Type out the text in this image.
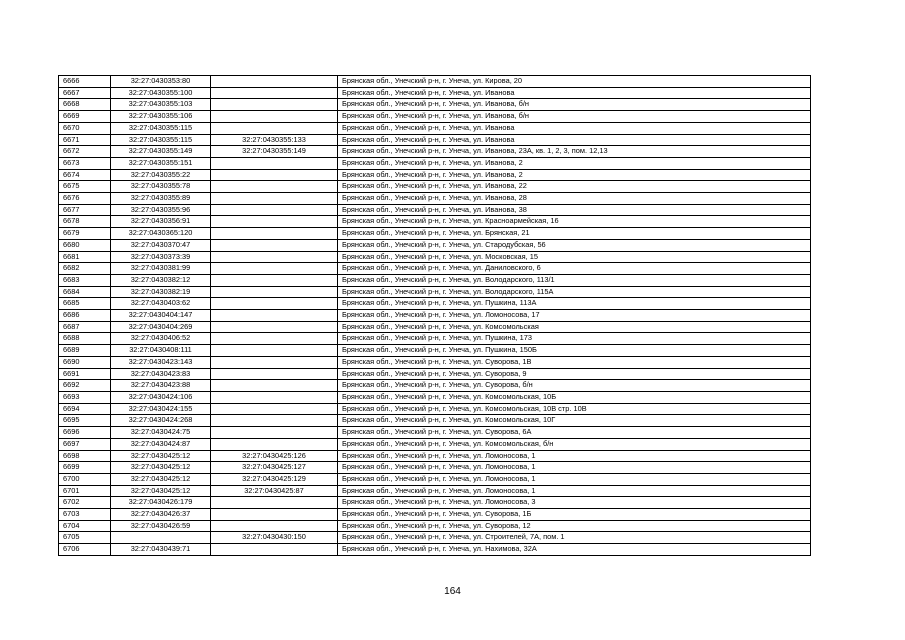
6666	32:27:0430353:80		Брянская обл., Унечский р-н, г. Унеча, ул. Кирова, 20
6667	32:27:0430355:100		Брянская обл., Унечский р-н, г. Унеча, ул. Иванова
6668	32:27:0430355:103		Брянская обл., Унечский р-н, г. Унеча, ул. Иванова, б/н
6669	32:27:0430355:106		Брянская обл., Унечский р-н, г. Унеча, ул. Иванова, б/н
6670	32:27:0430355:115		Брянская обл., Унечский р-н, г. Унеча, ул. Иванова
6671	32:27:0430355:115	32:27:0430355:133	Брянская обл., Унечский р-н, г. Унеча, ул. Иванова
6672	32:27:0430355:149	32:27:0430355:149	Брянская обл., Унечский р-н, г. Унеча, ул. Иванова, 23А, кв. 1, 2, 3, пом. 12,13
6673	32:27:0430355:151		Брянская обл., Унечский р-н, г. Унеча, ул. Иванова, 2
6674	32:27:0430355:22		Брянская обл., Унечский р-н, г. Унеча, ул. Иванова, 2
6675	32:27:0430355:78		Брянская обл., Унечский р-н, г. Унеча, ул. Иванова, 22
6676	32:27:0430355:89		Брянская обл., Унечский р-н, г. Унеча, ул. Иванова, 28
6677	32:27:0430355:96		Брянская обл., Унечский р-н, г. Унеча, ул. Иванова, 38
6678	32:27:0430356:91		Брянская обл., Унечский р-н, г. Унеча, ул. Красноармейская, 16
6679	32:27:0430365:120		Брянская обл., Унечский р-н, г. Унеча, ул. Брянская, 21
6680	32:27:0430370:47		Брянская обл., Унечский р-н, г. Унеча, ул. Стародубская, 56
6681	32:27:0430373:39		Брянская обл., Унечский р-н, г. Унеча, ул. Московская, 15
6682	32:27:0430381:99		Брянская обл., Унечский р-н, г. Унеча, ул. Даниловского, 6
6683	32:27:0430382:12		Брянская обл., Унечский р-н, г. Унеча, ул. Володарского, 113/1
6684	32:27:0430382:19		Брянская обл., Унечский р-н, г. Унеча, ул. Володарского, 115А
6685	32:27:0430403:62		Брянская обл., Унечский р-н, г. Унеча, ул. Пушкина, 113А
6686	32:27:0430404:147		Брянская обл., Унечский р-н, г. Унеча, ул. Ломоносова, 17
6687	32:27:0430404:269		Брянская обл., Унечский р-н, г. Унеча, ул. Комсомольская
6688	32:27:0430406:52		Брянская обл., Унечский р-н, г. Унеча, ул. Пушкина, 173
6689	32:27:0430408:111		Брянская обл., Унечский р-н, г. Унеча, ул. Пушкина, 150Б
6690	32:27:0430423:143		Брянская обл., Унечский р-н, г. Унеча, ул. Суворова, 1В
6691	32:27:0430423:83		Брянская обл., Унечский р-н, г. Унеча, ул. Суворова, 9
6692	32:27:0430423:88		Брянская обл., Унечский р-н, г. Унеча, ул. Суворова, б/н
6693	32:27:0430424:106		Брянская обл., Унечский р-н, г. Унеча, ул. Комсомольская, 10Б
6694	32:27:0430424:155		Брянская обл., Унечский р-н, г. Унеча, ул. Комсомольская, 10В стр. 10В
6695	32:27:0430424:268		Брянская обл., Унечский р-н, г. Унеча, ул. Комсомольская, 10Г
6696	32:27:0430424:75		Брянская обл., Унечский р-н, г. Унеча, ул. Суворова, 6А
6697	32:27:0430424:87		Брянская обл., Унечский р-н, г. Унеча, ул. Комсомольская, б/н
6698	32:27:0430425:12	32:27:0430425:126	Брянская обл., Унечский р-н, г. Унеча, ул. Ломоносова, 1
6699	32:27:0430425:12	32:27:0430425:127	Брянская обл., Унечский р-н, г. Унеча, ул. Ломоносова, 1
6700	32:27:0430425:12	32:27:0430425:129	Брянская обл., Унечский р-н, г. Унеча, ул. Ломоносова, 1
6701	32:27:0430425:12	32:27:0430425:87	Брянская обл., Унечский р-н, г. Унеча, ул. Ломоносова, 1
6702	32:27:0430426:179		Брянская обл., Унечский р-н, г. Унеча, ул. Ломоносова, 3
6703	32:27:0430426:37		Брянская обл., Унечский р-н, г. Унеча, ул. Суворова, 1Б
6704	32:27:0430426:59		Брянская обл., Унечский р-н, г. Унеча, ул. Суворова, 12
6705		32:27:0430430:150	Брянская обл., Унечский р-н, г. Унеча, ул. Строителей, 7А, пом. 1
6706	32:27:0430439:71		Брянская обл., Унечский р-н, г. Унеча, ул. Нахимова, 32А
164
